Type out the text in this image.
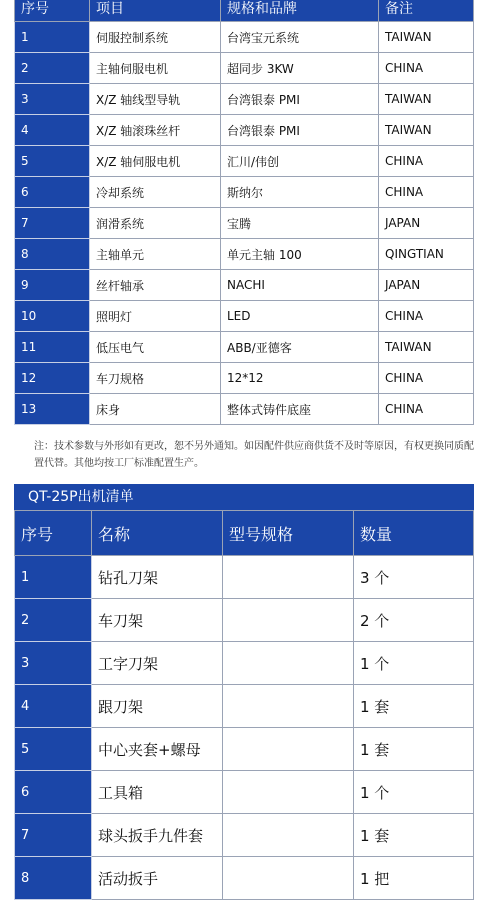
序号	项目	规格和品牌	备注
1	伺服控制系统	台湾宝元系统	TAIWAN
2	主轴伺服电机	超同步 3KW	CHINA
3	X/Z 轴线型导轨	台湾银泰 PMI	TAIWAN
4	X/Z 轴滚珠丝杆	台湾银泰 PMI	TAIWAN
5	X/Z 轴伺服电机	汇川/伟创	CHINA
6	冷却系统	斯纳尔	CHINA
7	润滑系统	宝腾	JAPAN
8	主轴单元	单元主轴 100	QINGTIAN
9	丝杆轴承	NACHI	JAPAN
10	照明灯	LED	CHINA
11	低压电气	ABB/亚德客	TAIWAN
12	车刀规格	12*12	CHINA
13	床身	整体式铸件底座	CHINA
注：技术参数与外形如有更改，恕不另外通知。如因配件供应商供货不及时等原因，有权更换同质配置代替。其他均按工厂标准配置生产。
QT-25P出机清单
序号	名称	型号规格	数量
1	钻孔刀架		3 个
2	车刀架		2 个
3	工字刀架		1 个
4	跟刀架		1 套
5	中心夹套+螺母		1 套
6	工具箱		1 个
7	球头扳手九件套		1 套
8	活动扳手		1 把
